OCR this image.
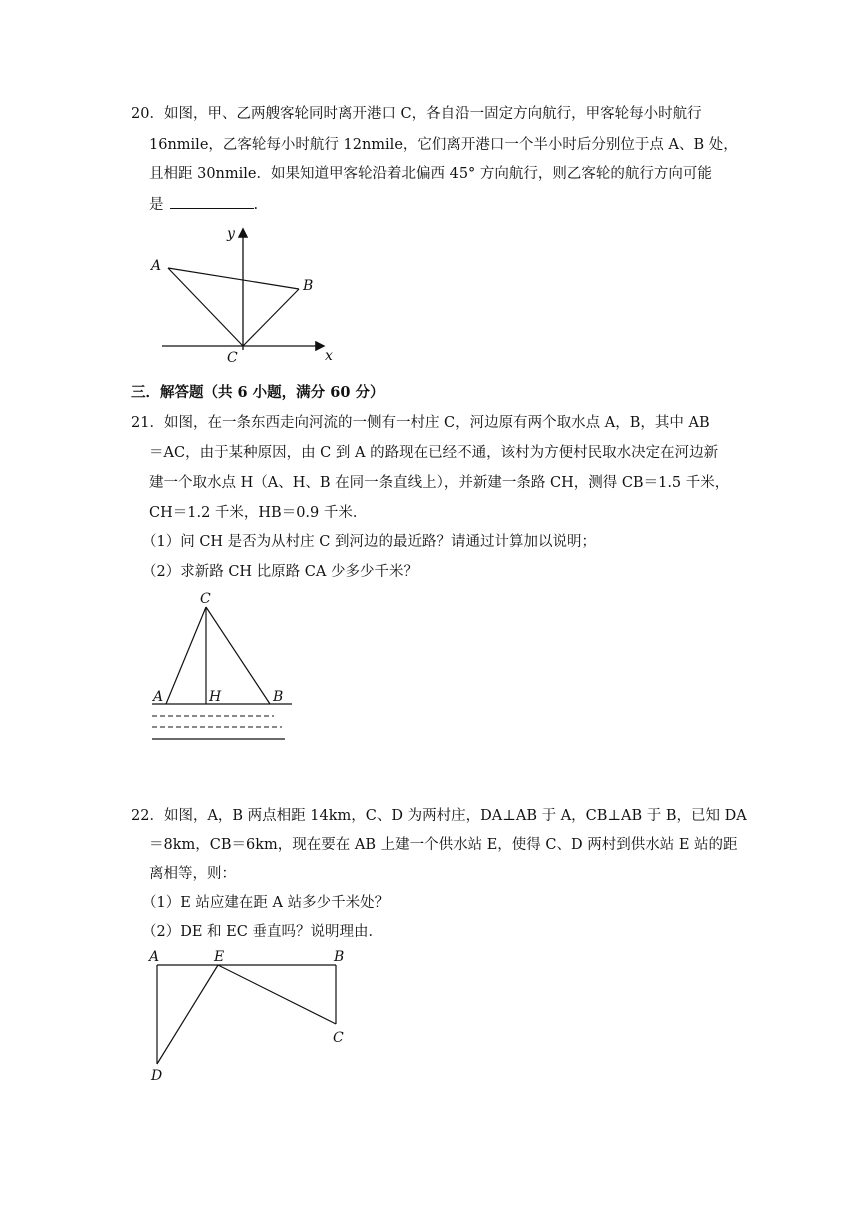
20．如图，甲、乙两艘客轮同时离开港口 C，各自沿一固定方向航行，甲客轮每小时航行
16nmile，乙客轮每小时航行 12nmile，它们离开港口一个半小时后分别位于点 A、B 处，
且相距 30nmile．如果知道甲客轮沿着北偏西 45° 方向航行，则乙客轮的航行方向可能
是	.
三．解答题（共 6 小题，满分 60 分）
21．如图，在一条东西走向河流的一侧有一村庄 C，河边原有两个取水点 A，B，其中 AB
＝AC，由于某种原因，由 C 到 A 的路现在已经不通，该村为方便村民取水决定在河边新
建一个取水点 H（A、H、B 在同一条直线上），并新建一条路 CH，测得 CB＝1.5 千米，
CH＝1.2 千米，HB＝0.9 千米．
（1）问 CH 是否为从村庄 C 到河边的最近路？请通过计算加以说明；
（2）求新路 CH 比原路 CA 少多少千米？
22．如图，A，B 两点相距 14km，C、D 为两村庄，DA⊥AB 于 A，CB⊥AB 于 B，已知 DA
＝8km，CB＝6km，现在要在 AB 上建一个供水站 E，使得 C、D 两村到供水站 E 站的距
离相等，则：
（1）E 站应建在距 A 站多少千米处？
（2）DE 和 EC 垂直吗？说明理由．
A
B
C	x
y
C
A	H	B
A	E	B
C
D
